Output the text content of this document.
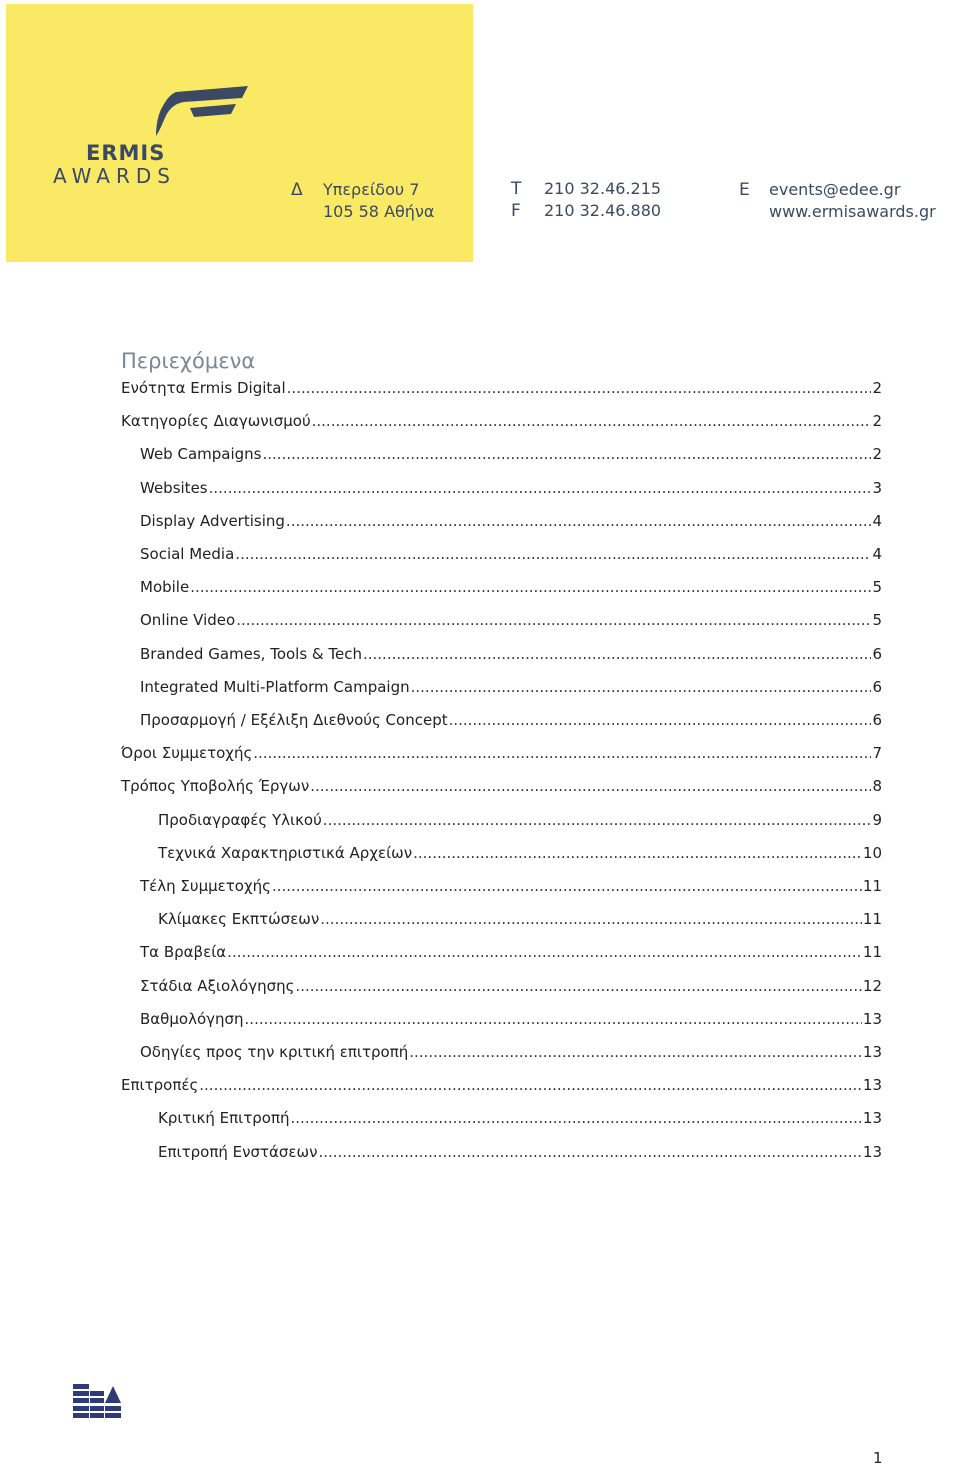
ERMIS
AWARDS
Δ Υπερείδου 7
105 58 Αθήνα
T 210 32.46.215
F 210 32.46.880
E events@edee.gr
www.ermisawards.gr
Περιεχόμενα
Ενότητα Ermis Digital .....	2
Κατηγορίες Διαγωνισμού .....	2
Web Campaigns .....	2
Websites .....	3
Display Advertising .....	4
Social Media .....	4
Mobile .....	5
Online Video .....	5
Branded Games, Tools & Tech .....	6
Integrated Multi-Platform Campaign .....	6
Προσαρμογή / Εξέλιξη Διεθνούς Concept .....	6
Όροι Συμμετοχής .....	7
Τρόπος Υποβολής Έργων .....	8
Προδιαγραφές Υλικού .....	9
Τεχνικά Χαρακτηριστικά Αρχείων .....	10
Τέλη Συμμετοχής .....	11
Κλίμακες Εκπτώσεων .....	11
Τα Βραβεία .....	11
Στάδια Αξιολόγησης .....	12
Βαθμολόγηση .....	13
Οδηγίες προς την κριτική επιτροπή .....	13
Επιτροπές .....	13
Κριτική Επιτροπή .....	13
Επιτροπή Ενστάσεων .....	13
1
